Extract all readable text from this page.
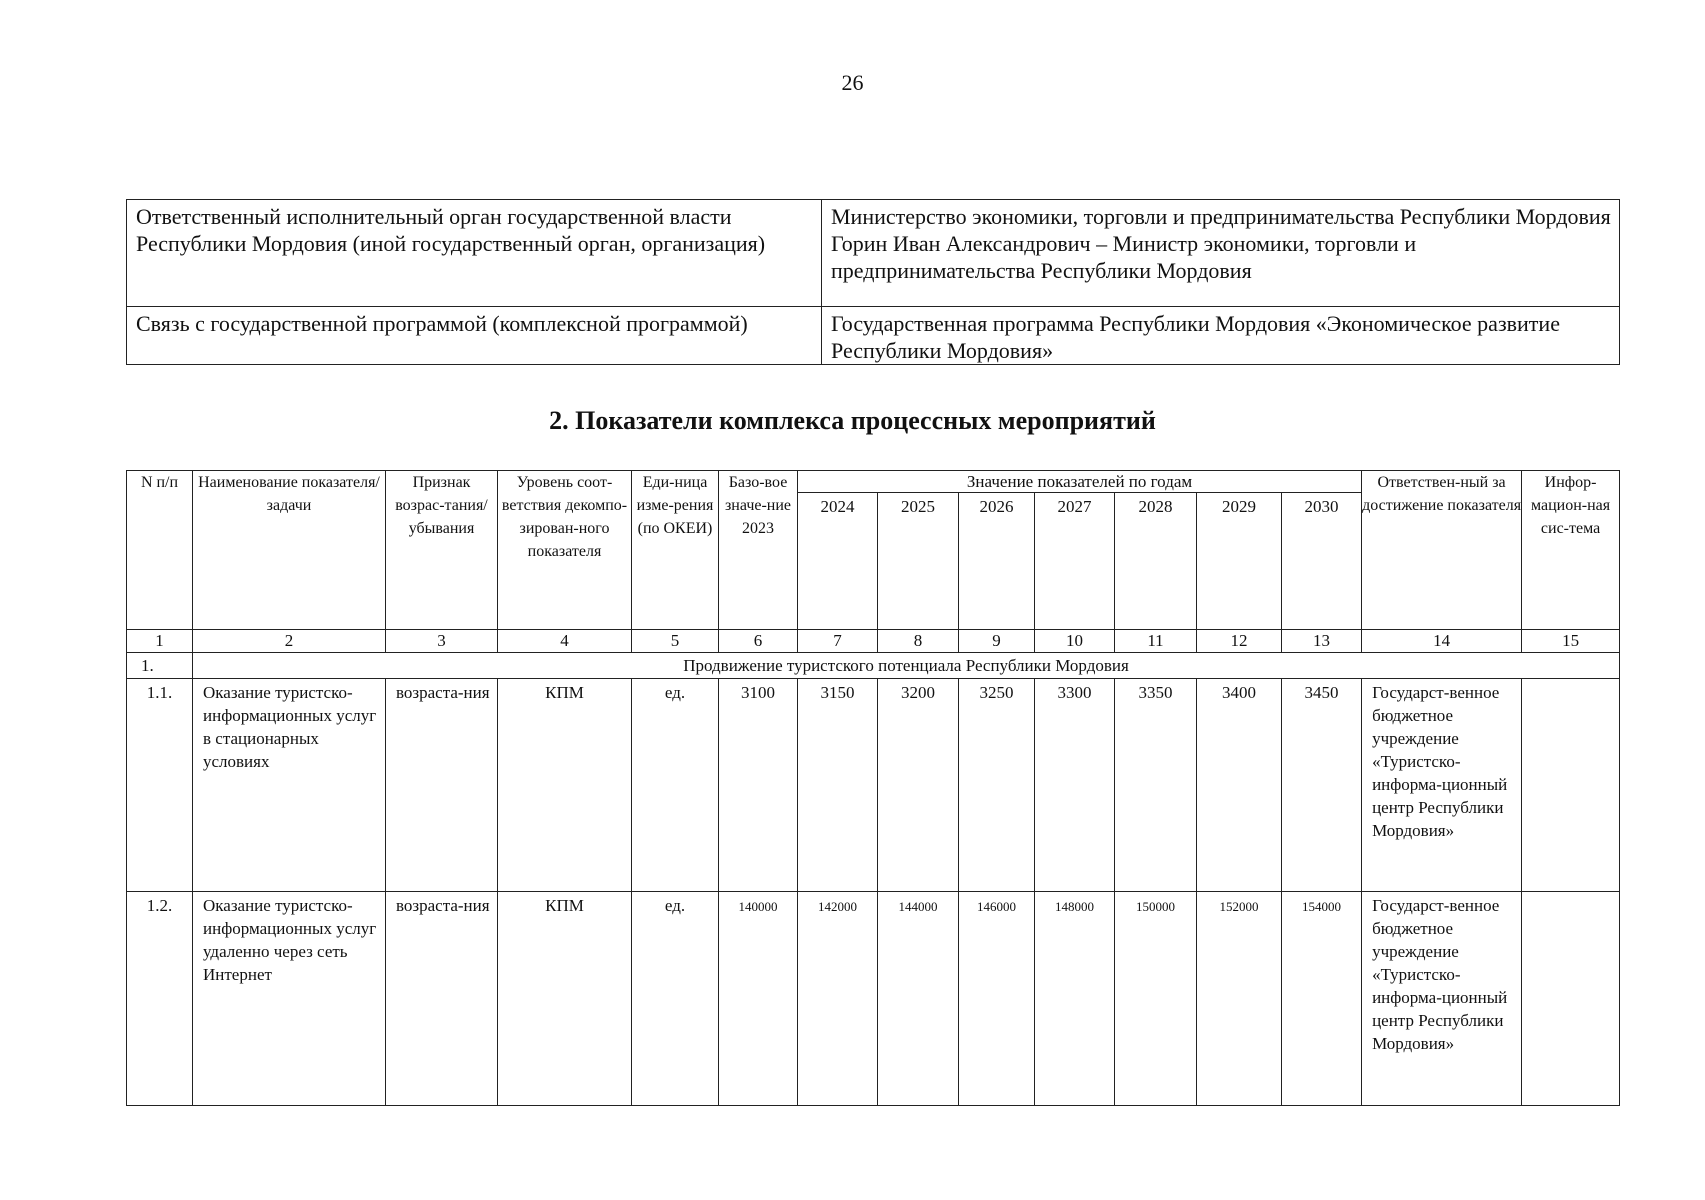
26
Ответственный исполнительный орган государственной власти Республики Мордовия (иной государственный орган, организация)	Министерство экономики, торговли и предпринимательства Республики Мордовия
Горин Иван Александрович – Министр экономики, торговли и предпринимательства Республики Мордовия

Связь с государственной программой (комплексной программой)	Государственная программа Республики Мордовия «Экономическое развитие Республики Мордовия»
2. Показатели комплекса процессных мероприятий
N п/п	Наименование показателя/ задачи	Признак возрас-тания/ убывания	Уровень соот-ветствия декомпо-зирован-ного показателя	Еди-ница изме-рения (по ОКЕИ)	Базо-вое значе-ние 2023	Значение показателей по годам							Ответствен-ный за достижение показателя	Инфор-мацион-ная сис-тема
						2024	2025	2026	2027	2028	2029	2030		
1	2	3	4	5	6	7	8	9	10	11	12	13	14	15
1.	Продвижение туристского потенциала Республики Мордовия													
1.1.	Оказание туристско-информационных услуг в стационарных условиях	возраста-ния	КПМ	ед.	3100	3150	3200	3250	3300	3350	3400	3450	Государст-венное бюджетное учреждение «Туристско-информа-ционный центр Республики Мордовия»	
1.2.	Оказание туристско-информационных услуг удаленно через сеть Интернет	возраста-ния	КПМ	ед.	140000	142000	144000	146000	148000	150000	152000	154000	Государст-венное бюджетное учреждение «Туристско-информа-ционный центр Республики Мордовия»	
